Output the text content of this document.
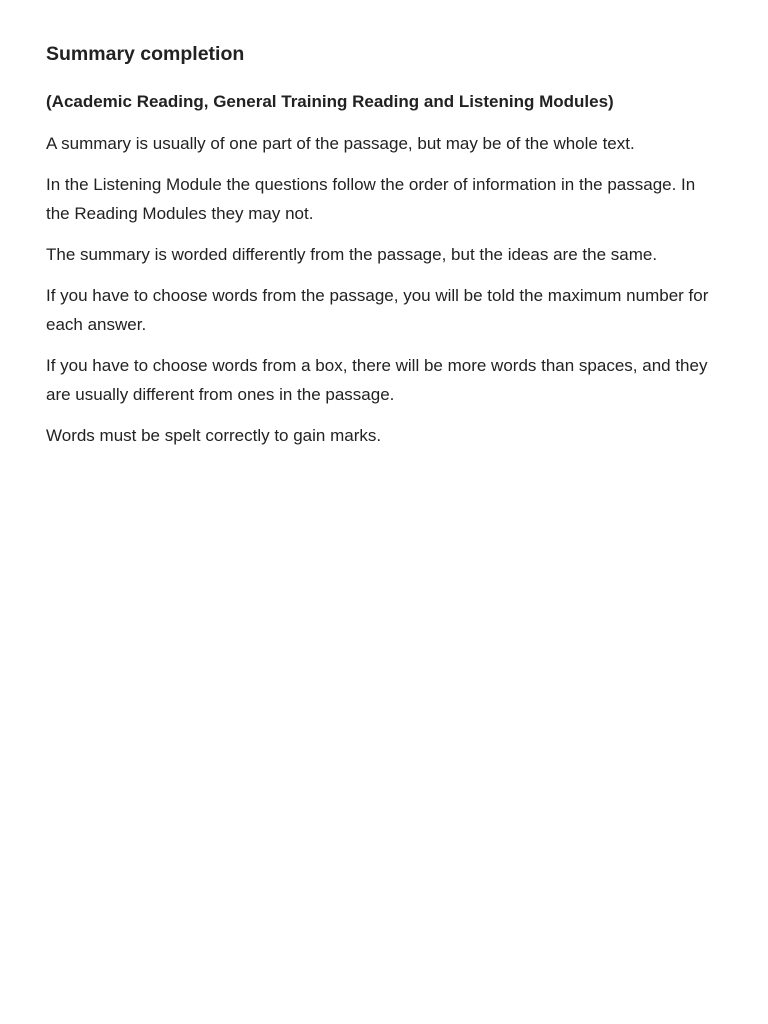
Summary completion
(Academic Reading, General Training Reading and Listening Modules)

A summary is usually of one part of the passage, but may be of the whole text.

In the Listening Module the questions follow the order of information in the passage. In the Reading Modules they may not.

The summary is worded differently from the passage, but the ideas are the same.

If you have to choose words from the passage, you will be told the maximum number for each answer.

If you have to choose words from a box, there will be more words than spaces, and they are usually different from ones in the passage.

Words must be spelt correctly to gain marks.
